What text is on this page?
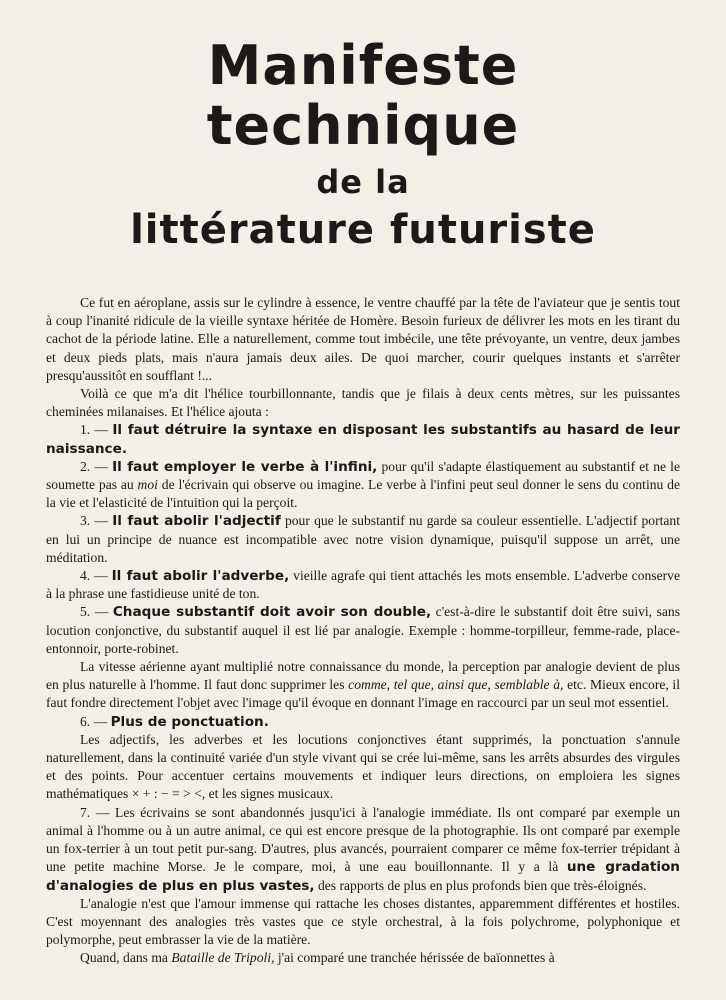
Manifeste technique
de la
littérature futuriste

Ce fut en aéroplane, assis sur le cylindre à essence, le ventre chauffé par la tête de l'aviateur que je sentis tout à coup l'inanité ridicule de la vieille syntaxe héritée de Homère. Besoin furieux de délivrer les mots en les tirant du cachot de la période latine. Elle a naturellement, comme tout imbécile, une tête prévoyante, un ventre, deux jambes et deux pieds plats, mais n'aura jamais deux ailes. De quoi marcher, courir quelques instants et s'arrêter presqu'aussitôt en soufflant !...

Voilà ce que m'a dit l'hélice tourbillonnante, tandis que je filais à deux cents mètres, sur les puissantes cheminées milanaises. Et l'hélice ajouta :

1. — Il faut détruire la syntaxe en disposant les substantifs au hasard de leur naissance.

2. — Il faut employer le verbe à l'infini, pour qu'il s'adapte élastiquement au substantif et ne le soumette pas au moi de l'écrivain qui observe ou imagine. Le verbe à l'infini peut seul donner le sens du continu de la vie et l'elasticité de l'intuition qui la perçoit.

3. — Il faut abolir l'adjectif pour que le substantif nu garde sa couleur essentielle. L'adjectif portant en lui un principe de nuance est incompatible avec notre vision dynamique, puisqu'il suppose un arrêt, une méditation.

4. — Il faut abolir l'adverbe, vieille agrafe qui tient attachés les mots ensemble. L'adverbe conserve à la phrase une fastidieuse unité de ton.

5. — Chaque substantif doit avoir son double, c'est-à-dire le substantif doit être suivi, sans locution conjonctive, du substantif auquel il est lié par analogie. Exemple : homme-torpilleur, femme-rade, place-entonnoir, porte-robinet.

La vitesse aérienne ayant multiplié notre connaissance du monde, la perception par analogie devient de plus en plus naturelle à l'homme. Il faut donc supprimer les comme, tel que, ainsi que, semblable à, etc. Mieux encore, il faut fondre directement l'objet avec l'image qu'il évoque en donnant l'image en raccourci par un seul mot essentiel.

6. — Plus de ponctuation.

Les adjectifs, les adverbes et les locutions conjonctives étant supprimés, la ponctuation s'annule naturellement, dans la continuité variée d'un style vivant qui se crée lui-même, sans les arrêts absurdes des virgules et des points. Pour accentuer certains mouvements et indiquer leurs directions, on emploiera les signes mathématiques × + : − = > <, et les signes musicaux.

7. — Les écrivains se sont abandonnés jusqu'ici à l'analogie immédiate. Ils ont comparé par exemple un animal à l'homme ou à un autre animal, ce qui est encore presque de la photographie. Ils ont comparé par exemple un fox-terrier à un tout petit pur-sang. D'autres, plus avancés, pourraient comparer ce même fox-terrier trépidant à une petite machine Morse. Je le compare, moi, à une eau bouillonnante. Il y a là une gradation d'analogies de plus en plus vastes, des rapports de plus en plus profonds bien que très-éloignés.

L'analogie n'est que l'amour immense qui rattache les choses distantes, apparemment différentes et hostiles. C'est moyennant des analogies très vastes que ce style orchestral, à la fois polychrome, polyphonique et polymorphe, peut embrasser la vie de la matière.

Quand, dans ma Bataille de Tripoli, j'ai comparé une tranchée hérissée de baïonnettes à
